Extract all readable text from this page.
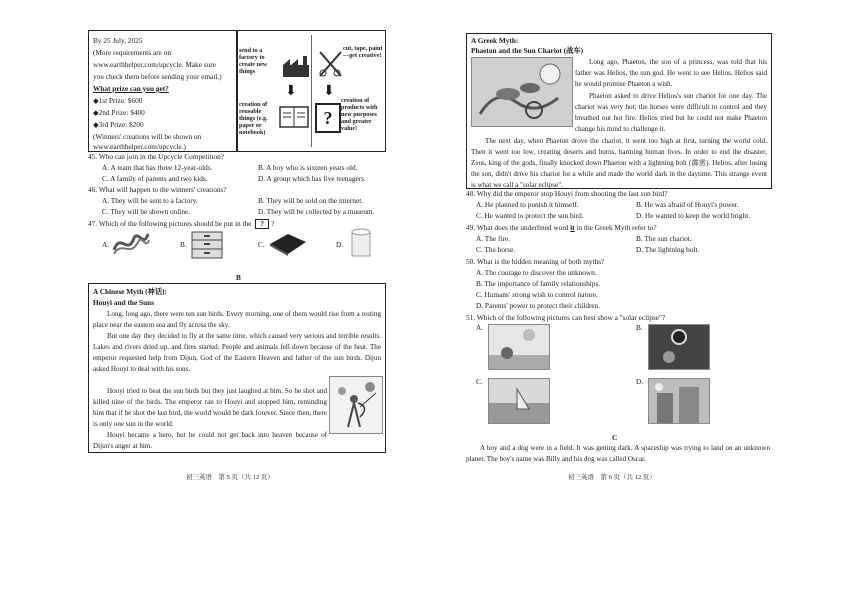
By 25 July, 2025
(More requirements are on
www.earthhelper.com/upcycle. Make sure
you check them before sending your email.)
What prize can you get?
◆1st Prize: $600
◆2nd Prize: $400
◆3rd Prize: $200
(Winners' creations will be shown on
www.earthhelper.com/upcycle.)
send to a factory to create new things
cut, tape, paint —get creative!
⬇ ⬇
creation of reusable things (e.g. paper or notebook)
?
creation of products with new purposes and greater value!
45. Who can join in the Upcycle Competition?
A. A team that has three 12-year-olds.	B. A boy who is sixteen years old.
C. A family of parents and two kids.	D. A group which has five teenagers.
46. What will happen to the winners' creations?
A. They will be sent to a factory.	B. They will be sold on the internet.
C. They will be shown online.	D. They will be collected by a museum.
47. Which of the following pictures should be put in the ? ?
A.	B.	C.	D.
B
A Chinese Myth (神话):
Houyi and the Suns
Long, long ago, there were ten sun birds. Every morning, one of them would rise from a resting place near the eastern sea and fly across the sky.
But one day they decided to fly at the same time, which caused very serious and terrible results. Lakes and rivers dried up, and fires started. People and animals fell down because of the heat. The emperor requested help from Dijun, God of the Eastern Heaven and father of the sun birds. Dijun asked Houyi to deal with his sons.
Houyi tried to beat the sun birds but they just laughed at him. So he shot and killed nine of the birds. The emperor ran to Houyi and stopped him, reminding him that if he shot the last bird, the world would be dark forever. Since then, there is only one sun in the world.
Houyi became a hero, but he could not get back into heaven because of Dijun's anger at him.
初三英语　第 5 页（共 12 页）
A Greek Myth:
Phaeton and the Sun Chariot (战车)
Long ago, Phaeton, the son of a princess, was told that his father was Helios, the sun god. He went to see Helios. Helios said he would promise Phaeton a wish.
Phaeton asked to drive Helios's sun chariot for one day. The chariot was very hot; the horses were difficult to control and they breathed out hot fire. Helios tried but he could not make Phaeton change his mind to challenge it.
The next day, when Phaeton drove the chariot, it went too high at first, turning the world cold. Then it went too low, creating deserts and burns, harming human lives. In order to end the disaster, Zeus, king of the gods, finally knocked down Phaeton with a lightning bolt (霹雳). Helios, after losing the son, didn't drive his chariot for a while and made the world dark in the daytime. This strange event is what we call a "solar eclipse".
48. Why did the emperor stop Houyi from shooting the last sun bird?
A. He planned to punish it himself.	B. He was afraid of Houyi's power.
C. He wanted to protect the sun bird.	D. He wanted to keep the world bright.
49. What does the underlined word it in the Greek Myth refer to?
A. The fire.	B. The sun chariot.
C. The horse.	D. The lightning bolt.
50. What is the hidden meaning of both myths?
A. The courage to discover the unknown.
B. The importance of family relationships.
C. Humans' strong wish to control nature.
D. Parents' power to protect their children.
51. Which of the following pictures can best show a "solar eclipse"?
A.	B.
C.	D.
C
A boy and a dog were in a field. It was getting dark. A spaceship was trying to land on an unknown planet. The boy's name was Billy and his dog was called Oscar.
初三英语　第 6 页（共 12 页）
